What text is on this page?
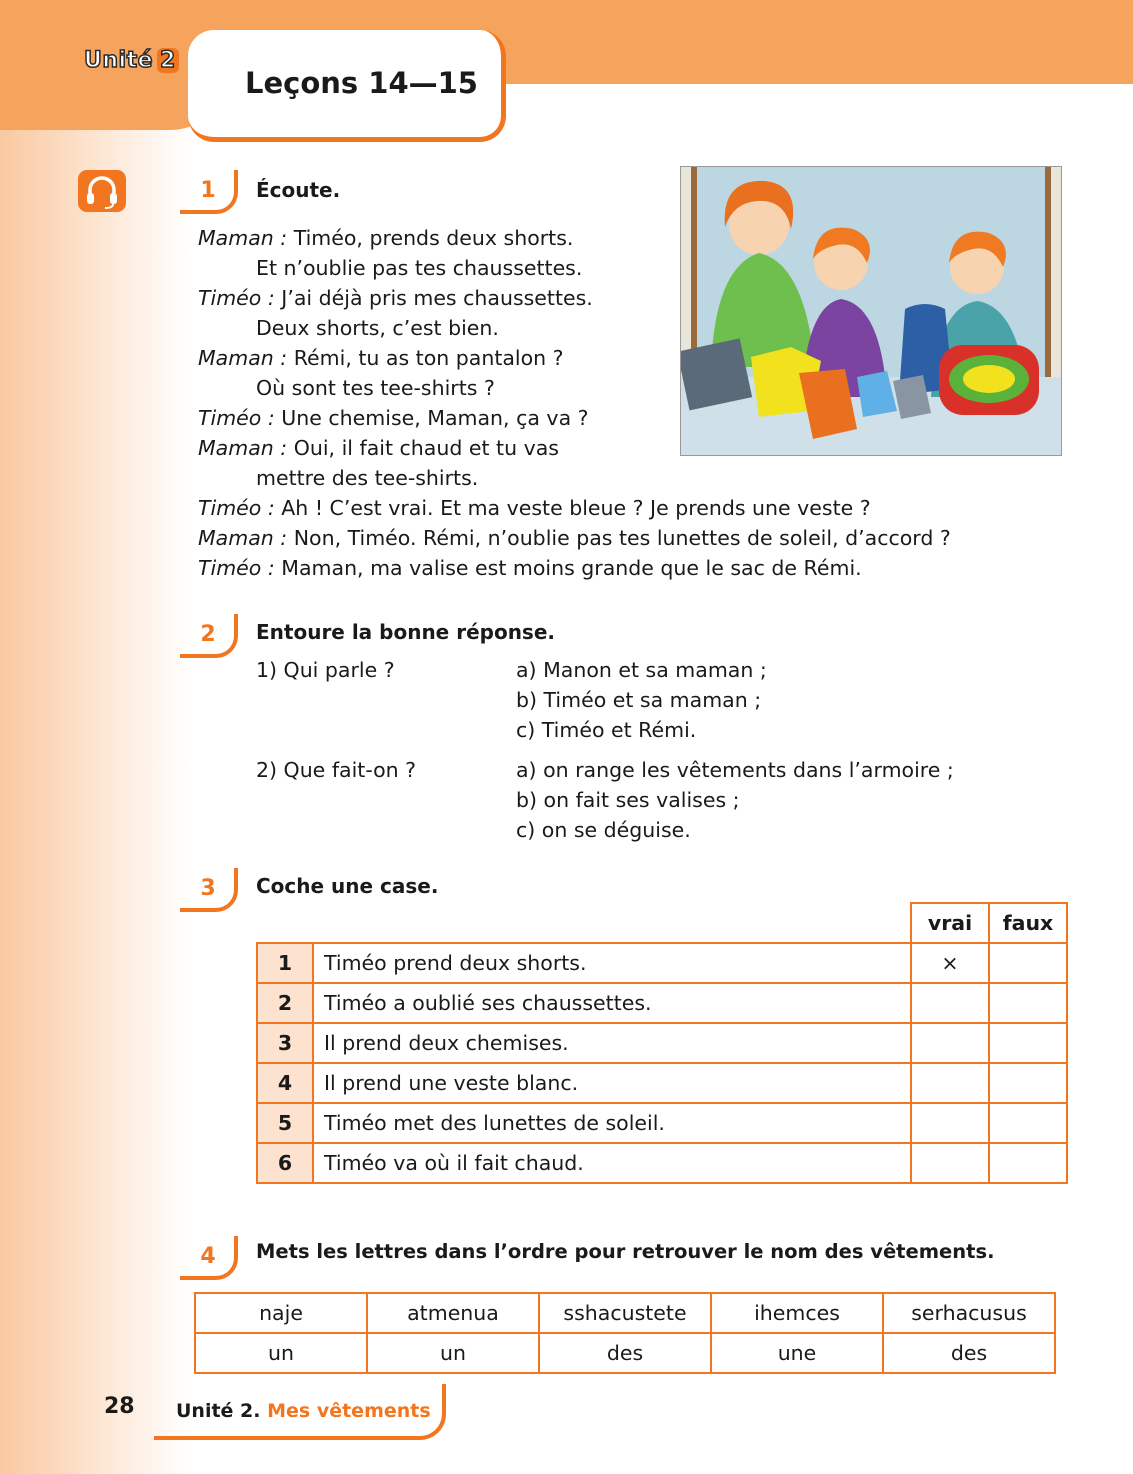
Unité 2
Leçons 14—15
1 Écoute.
Maman : Timéo, prends deux shorts.
Et n’oublie pas tes chaussettes.
Timéo : J’ai déjà pris mes chaussettes.
Deux shorts, c’est bien.
Maman : Rémi, tu as ton pantalon ?
Où sont tes tee-shirts ?
Timéo : Une chemise, Maman, ça va ?
Maman : Oui, il fait chaud et tu vas
mettre des tee-shirts.
Timéo : Ah ! C’est vrai. Et ma veste bleue ? Je prends une veste ?
Maman : Non, Timéo. Rémi, n’oublie pas tes lunettes de soleil, d’accord ?
Timéo : Maman, ma valise est moins grande que le sac de Rémi.
2 Entoure la bonne réponse.
1) Qui parle ?	a) Manon et sa maman ;
b) Timéo et sa maman ;
c) Timéo et Rémi.
2) Que fait-on ?	a) on range les vêtements dans l’armoire ;
b) on fait ses valises ;
c) on se déguise.
3 Coche une case.
		vrai	faux
1	Timéo prend deux shorts.	×	
2	Timéo a oublié ses chaussettes.		
3	Il prend deux chemises.		
4	Il prend une veste blanc.		
5	Timéo met des lunettes de soleil.		
6	Timéo va où il fait chaud.		
4 Mets les lettres dans l’ordre pour retrouver le nom des vêtements.
naje	atmenua	sshacustete	ihemces	serhacusus
un	un	des	une	des
28 Unité 2. Mes vêtements
